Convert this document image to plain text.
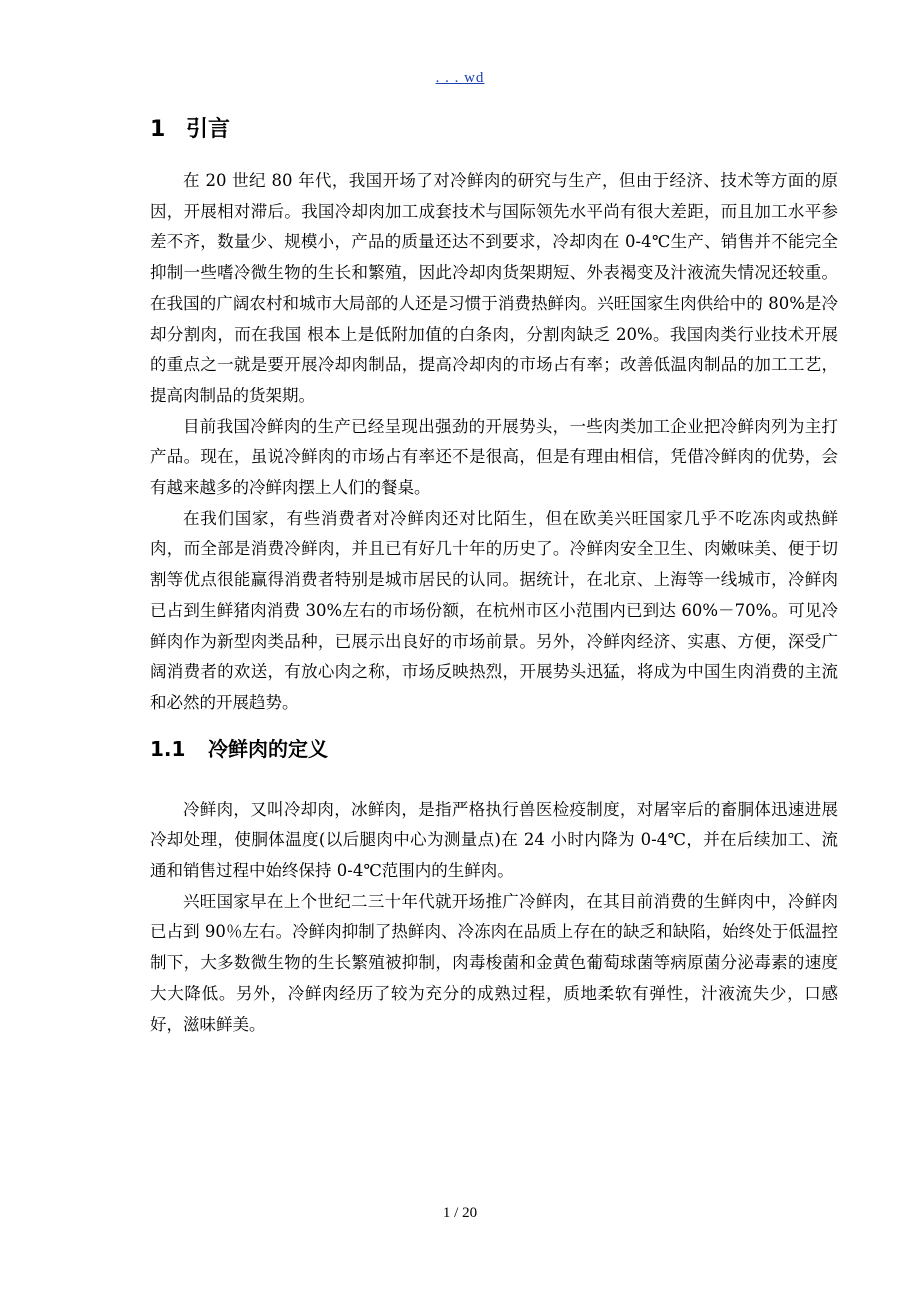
. . . wd
1 引言

在 20 世纪 80 年代，我国开场了对冷鲜肉的研究与生产，但由于经济、技术等方面的原因，开展相对滞后。我国冷却肉加工成套技术与国际领先水平尚有很大差距，而且加工水平参差不齐，数量少、规模小，产品的质量还达不到要求，冷却肉在 0-4℃生产、销售并不能完全抑制一些嗜冷微生物的生长和繁殖，因此冷却肉货架期短、外表褐变及汁液流失情况还较重。在我国的广阔农村和城市大局部的人还是习惯于消费热鲜肉。兴旺国家生肉供给中的 80%是冷却分割肉，而在我国 根本上是低附加值的白条肉，分割肉缺乏 20%。我国肉类行业技术开展的重点之一就是要开展冷却肉制品，提高冷却肉的市场占有率；改善低温肉制品的加工工艺，提高肉制品的货架期。

目前我国冷鲜肉的生产已经呈现出强劲的开展势头，一些肉类加工企业把冷鲜肉列为主打产品。现在，虽说冷鲜肉的市场占有率还不是很高，但是有理由相信，凭借冷鲜肉的优势，会有越来越多的冷鲜肉摆上人们的餐桌。

在我们国家，有些消费者对冷鲜肉还对比陌生，但在欧美兴旺国家几乎不吃冻肉或热鲜肉，而全部是消费冷鲜肉，并且已有好几十年的历史了。冷鲜肉安全卫生、肉嫩味美、便于切割等优点很能赢得消费者特别是城市居民的认同。据统计，在北京、上海等一线城市，冷鲜肉已占到生鲜猪肉消费 30%左右的市场份额，在杭州市区小范围内已到达 60%－70%。可见冷鲜肉作为新型肉类品种，已展示出良好的市场前景。另外，冷鲜肉经济、实惠、方便，深受广阔消费者的欢送，有放心肉之称，市场反映热烈，开展势头迅猛，将成为中国生肉消费的主流和必然的开展趋势。

1.1	冷鲜肉的定义

冷鲜肉，又叫冷却肉，冰鲜肉，是指严格执行兽医检疫制度，对屠宰后的畜胴体迅速进展冷却处理，使胴体温度(以后腿肉中心为测量点)在 24 小时内降为 0-4℃，并在后续加工、流通和销售过程中始终保持 0-4℃范围内的生鲜肉。

兴旺国家早在上个世纪二三十年代就开场推广冷鲜肉，在其目前消费的生鲜肉中，冷鲜肉已占到 90％左右。冷鲜肉抑制了热鲜肉、冷冻肉在品质上存在的缺乏和缺陷，始终处于低温控制下，大多数微生物的生长繁殖被抑制，肉毒梭菌和金黄色葡萄球菌等病原菌分泌毒素的速度大大降低。另外，冷鲜肉经历了较为充分的成熟过程，质地柔软有弹性，汁液流失少，口感好，滋味鲜美。

1 / 20
